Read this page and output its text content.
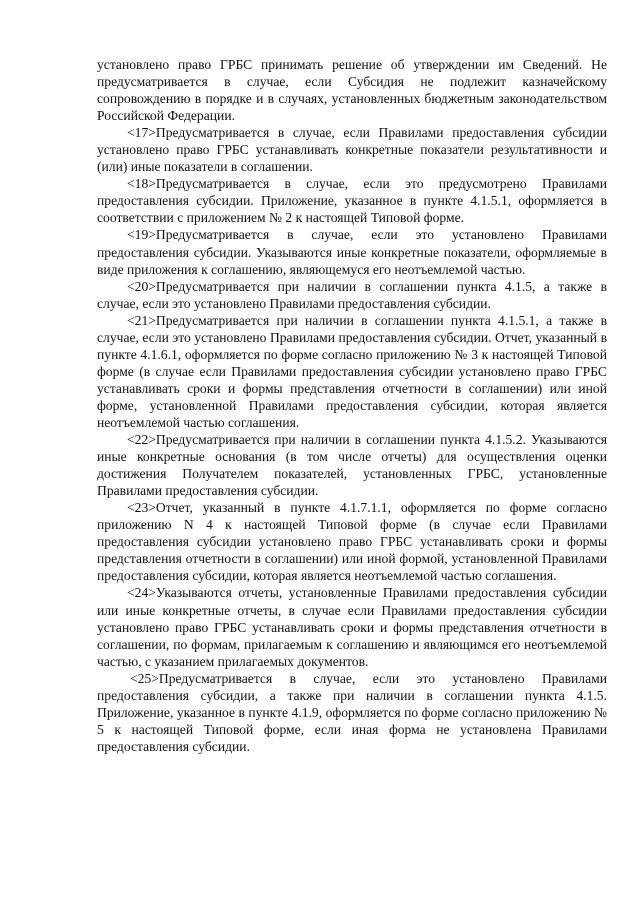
установлено право ГРБС принимать решение об утверждении им Сведений. Не предусматривается в случае, если Субсидия не подлежит казначейскому сопровождению в порядке и в случаях, установленных бюджетным законодательством Российской Федерации.

<17>Предусматривается в случае, если Правилами предоставления субсидии установлено право ГРБС устанавливать конкретные показатели результативности и (или) иные показатели в соглашении.

<18>Предусматривается в случае, если это предусмотрено Правилами предоставления субсидии. Приложение, указанное в пункте 4.1.5.1, оформляется в соответствии с приложением № 2 к настоящей Типовой форме.

<19>Предусматривается в случае, если это установлено Правилами предоставления субсидии. Указываются иные конкретные показатели, оформляемые в виде приложения к соглашению, являющемуся его неотъемлемой частью.

<20>Предусматривается при наличии в соглашении пункта 4.1.5, а также в случае, если это установлено Правилами предоставления субсидии.

<21>Предусматривается при наличии в соглашении пункта 4.1.5.1, а также в случае, если это установлено Правилами предоставления субсидии. Отчет, указанный в пункте 4.1.6.1, оформляется по форме согласно приложению № 3 к настоящей Типовой форме (в случае если Правилами предоставления субсидии установлено право ГРБС устанавливать сроки и формы представления отчетности в соглашении) или иной форме, установленной Правилами предоставления субсидии, которая является неотъемлемой частью соглашения.

<22>Предусматривается при наличии в соглашении пункта 4.1.5.2. Указываются иные конкретные основания (в том числе отчеты) для осуществления оценки достижения Получателем показателей, установленных ГРБС, установленные Правилами предоставления субсидии.

<23>Отчет, указанный в пункте 4.1.7.1.1, оформляется по форме согласно приложению N 4 к настоящей Типовой форме (в случае если Правилами предоставления субсидии установлено право ГРБС устанавливать сроки и формы представления отчетности в соглашении) или иной формой, установленной Правилами предоставления субсидии, которая является неотъемлемой частью соглашения.

<24>Указываются отчеты, установленные Правилами предоставления субсидии или иные конкретные отчеты, в случае если Правилами предоставления субсидии установлено право ГРБС устанавливать сроки и формы представления отчетности в соглашении, по формам, прилагаемым к соглашению и являющимся его неотъемлемой частью, с указанием прилагаемых документов.

<25>Предусматривается в случае, если это установлено Правилами предоставления субсидии, а также при наличии в соглашении пункта 4.1.5. Приложение, указанное в пункте 4.1.9, оформляется по форме согласно приложению № 5 к настоящей Типовой форме, если иная форма не установлена Правилами предоставления субсидии.
